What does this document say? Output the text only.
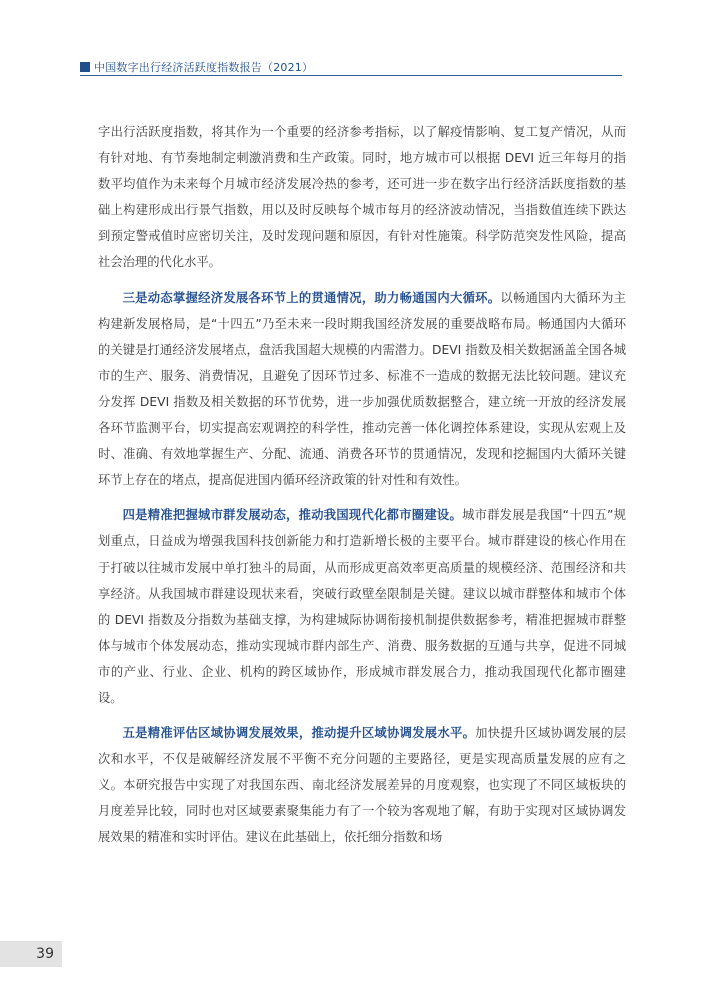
中国数字出行经济活跃度指数报告（2021）

字出行活跃度指数，将其作为一个重要的经济参考指标，以了解疫情影响、复工复产情况，从而有针对地、有节奏地制定刺激消费和生产政策。同时，地方城市可以根据 DEVI 近三年每月的指数平均值作为未来每个月城市经济发展冷热的参考，还可进一步在数字出行经济活跃度指数的基础上构建形成出行景气指数，用以及时反映每个城市每月的经济波动情况，当指数值连续下跌达到预定警戒值时应密切关注，及时发现问题和原因，有针对性施策。科学防范突发性风险，提高社会治理的代化水平。

三是动态掌握经济发展各环节上的贯通情况，助力畅通国内大循环。以畅通国内大循环为主构建新发展格局，是“十四五”乃至未来一段时期我国经济发展的重要战略布局。畅通国内大循环的关键是打通经济发展堵点，盘活我国超大规模的内需潜力。DEVI 指数及相关数据涵盖全国各城市的生产、服务、消费情况，且避免了因环节过多、标准不一造成的数据无法比较问题。建议充分发挥 DEVI 指数及相关数据的环节优势，进一步加强优质数据整合，建立统一开放的经济发展各环节监测平台，切实提高宏观调控的科学性，推动完善一体化调控体系建设，实现从宏观上及时、准确、有效地掌握生产、分配、流通、消费各环节的贯通情况，发现和挖掘国内大循环关键环节上存在的堵点，提高促进国内循环经济政策的针对性和有效性。

四是精准把握城市群发展动态，推动我国现代化都市圈建设。城市群发展是我国“十四五”规划重点，日益成为增强我国科技创新能力和打造新增长极的主要平台。城市群建设的核心作用在于打破以往城市发展中单打独斗的局面，从而形成更高效率更高质量的规模经济、范围经济和共享经济。从我国城市群建设现状来看，突破行政壁垒限制是关键。建议以城市群整体和城市个体的 DEVI 指数及分指数为基础支撑，为构建城际协调衔接机制提供数据参考，精准把握城市群整体与城市个体发展动态，推动实现城市群内部生产、消费、服务数据的互通与共享，促进不同城市的产业、行业、企业、机构的跨区域协作，形成城市群发展合力，推动我国现代化都市圈建设。

五是精准评估区域协调发展效果，推动提升区域协调发展水平。加快提升区域协调发展的层次和水平，不仅是破解经济发展不平衡不充分问题的主要路径，更是实现高质量发展的应有之义。本研究报告中实现了对我国东西、南北经济发展差异的月度观察，也实现了不同区域板块的月度差异比较，同时也对区域要素聚集能力有了一个较为客观地了解，有助于实现对区域协调发展效果的精准和实时评估。建议在此基础上，依托细分指数和场

39
